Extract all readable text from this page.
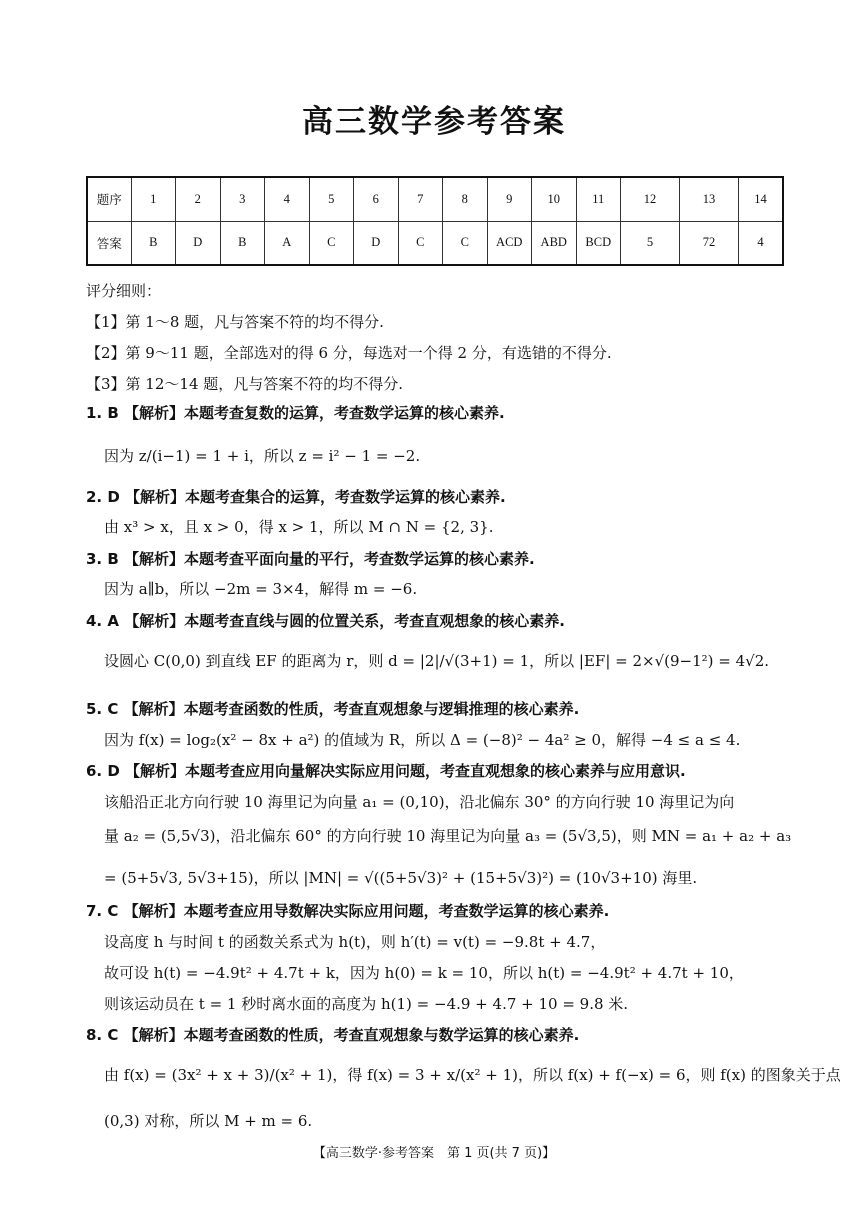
高三数学参考答案
题序	1	2	3	4	5	6	7	8	9	10	11	12	13	14
答案	B	D	B	A	C	D	C	C	ACD	ABD	BCD	5	72	4
评分细则：
【1】第 1～8 题，凡与答案不符的均不得分.
【2】第 9～11 题，全部选对的得 6 分，每选对一个得 2 分，有选错的不得分.
【3】第 12～14 题，凡与答案不符的均不得分.
1. B 【解析】本题考查复数的运算，考查数学运算的核心素养.
因为 z/(i−1) = 1 + i，所以 z = i² − 1 = −2.
2. D 【解析】本题考查集合的运算，考查数学运算的核心素养.
由 x³ > x，且 x > 0，得 x > 1，所以 M ∩ N = {2, 3}.
3. B 【解析】本题考查平面向量的平行，考查数学运算的核心素养.
因为 a∥b，所以 −2m = 3×4，解得 m = −6.
4. A 【解析】本题考查直线与圆的位置关系，考查直观想象的核心素养.
设圆心 C(0,0) 到直线 EF 的距离为 r，则 d = |2|/√(3+1) = 1，所以 |EF| = 2×√(9−1²) = 4√2.
5. C 【解析】本题考查函数的性质，考查直观想象与逻辑推理的核心素养.
因为 f(x) = log₂(x² − 8x + a²) 的值域为 R，所以 Δ = (−8)² − 4a² ≥ 0，解得 −4 ≤ a ≤ 4.
6. D 【解析】本题考查应用向量解决实际应用问题，考查直观想象的核心素养与应用意识.
该船沿正北方向行驶 10 海里记为向量 a₁ = (0,10)，沿北偏东 30° 的方向行驶 10 海里记为向
量 a₂ = (5,5√3)，沿北偏东 60° 的方向行驶 10 海里记为向量 a₃ = (5√3,5)，则 MN = a₁ + a₂ + a₃
= (5+5√3, 5√3+15)，所以 |MN| = √((5+5√3)² + (15+5√3)²) = (10√3+10) 海里.
7. C 【解析】本题考查应用导数解决实际应用问题，考查数学运算的核心素养.
设高度 h 与时间 t 的函数关系式为 h(t)，则 h′(t) = v(t) = −9.8t + 4.7，
故可设 h(t) = −4.9t² + 4.7t + k，因为 h(0) = k = 10，所以 h(t) = −4.9t² + 4.7t + 10，
则该运动员在 t = 1 秒时离水面的高度为 h(1) = −4.9 + 4.7 + 10 = 9.8 米.
8. C 【解析】本题考查函数的性质，考查直观想象与数学运算的核心素养.
由 f(x) = (3x² + x + 3)/(x² + 1)，得 f(x) = 3 + x/(x² + 1)，所以 f(x) + f(−x) = 6，则 f(x) 的图象关于点
(0,3) 对称，所以 M + m = 6.
【高三数学·参考答案　第 1 页(共 7 页)】
